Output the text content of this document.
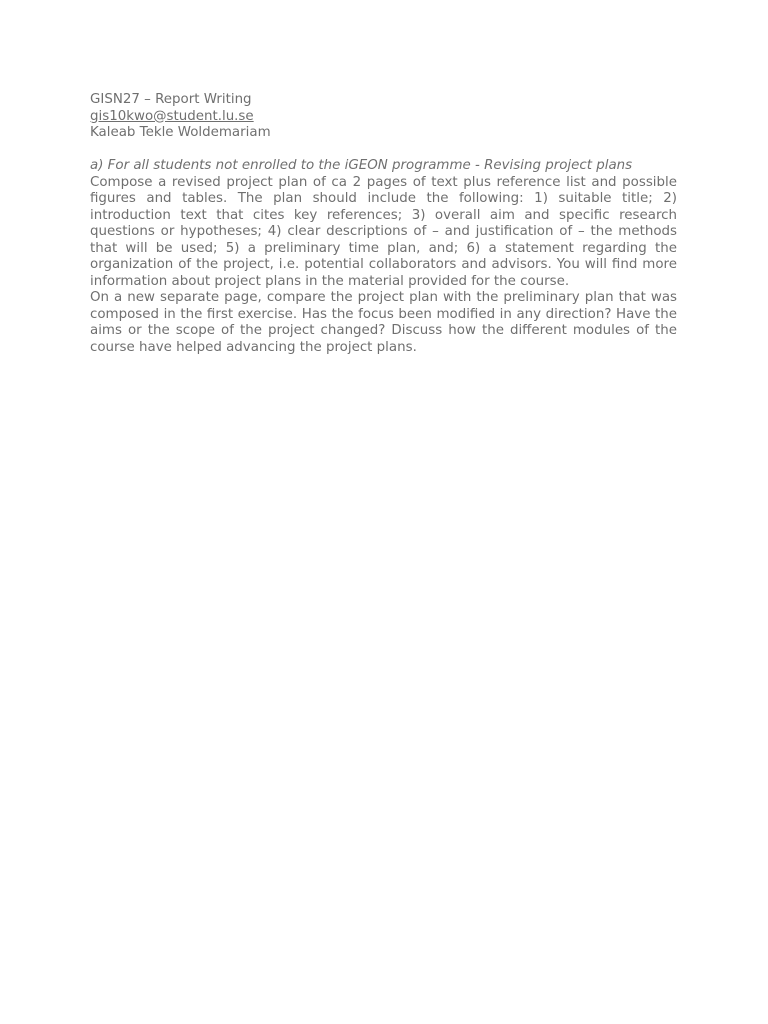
GISN27 – Report Writing
gis10kwo@student.lu.se
Kaleab Tekle Woldemariam
a) For all students not enrolled to the iGEON programme - Revising project plans

Compose a revised project plan of ca 2 pages of text plus reference list and possible figures and tables. The plan should include the following: 1) suitable title; 2) introduction text that cites key references; 3) overall aim and specific research questions or hypotheses; 4) clear descriptions of – and justification of – the methods that will be used; 5) a preliminary time plan, and; 6) a statement regarding the organization of the project, i.e. potential collaborators and advisors. You will find more information about project plans in the material provided for the course.

On a new separate page, compare the project plan with the preliminary plan that was composed in the first exercise. Has the focus been modified in any direction? Have the aims or the scope of the project changed? Discuss how the different modules of the course have helped advancing the project plans.
